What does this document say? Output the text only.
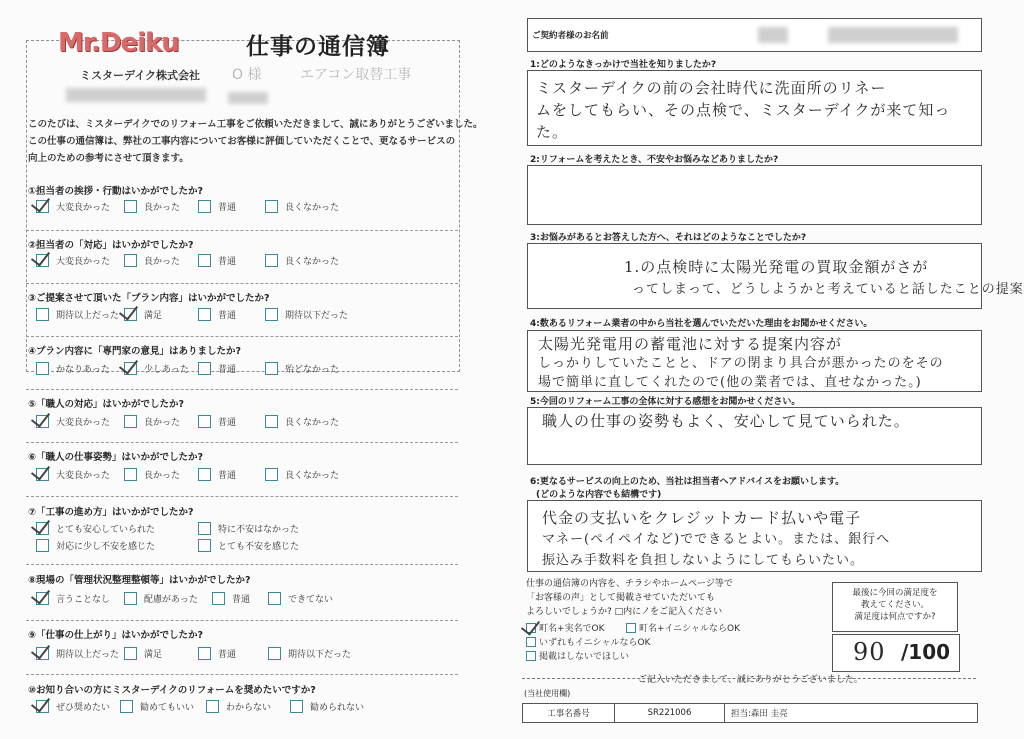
Mr.Deiku	仕事の通信簿
ミスターデイク株式会社 O 様	エアコン取替工事
このたびは、ミスターデイクでのリフォーム工事をご依頼いただきまして、誠にありがとうございました。
この仕事の通信簿は、弊社の工事内容についてお客様に評価していただくことで、更なるサービスの
向上のための参考にさせて頂きます。
①担当者の挨拶・行動はいかがでしたか?
大変良かった	良かった	普通	良くなかった
②担当者の「対応」はいかがでしたか?
大変良かった	良かった	普通	良くなかった
③ご提案させて頂いた「プラン内容」はいかがでしたか?
期待以上だった	満足	普通	期待以下だった
④プラン内容に「専門家の意見」はありましたか?
かなりあった	少しあった	普通	殆どなかった
⑤「職人の対応」はいかがでしたか?
大変良かった	良かった	普通	良くなかった
⑥「職人の仕事姿勢」はいかがでしたか?
大変良かった	良かった	普通	良くなかった
⑦「工事の進め方」はいかがでしたか?
とても安心していられた	特に不安はなかった
対応に少し不安を感じた	とても不安を感じた
⑧現場の「管理状況整理整頓等」はいかがでしたか?
言うことなし	配慮があった	普通	できてない
⑨「仕事の仕上がり」はいかがでしたか?
期待以上だった	満足	普通	期待以下だった
⑩お知り合いの方にミスターデイクのリフォームを奨めたいですか?
ぜひ奨めたい	勧めてもいい	わからない	勧められない
ご契約者様のお名前
1:どのようなきっかけで当社を知りましたか?
ミスターデイクの前の会社時代に洗面所のリネー
ムをしてもらい、その点検で、ミスターデイクが来て知っ
た。
2:リフォームを考えたとき、不安やお悩みなどありましたか?
3:お悩みがあるとお答えした方へ、それはどのようなことでしたか?
1.の点検時に太陽光発電の買取金額がさが
ってしまって、どうしようかと考えていると話したことの提案
4:数あるリフォーム業者の中から当社を選んでいただいた理由をお聞かせください。
太陽光発電用の蓄電池に対する提案内容が
しっかりしていたことと、ドアの閉まり具合が悪かったのをその
場で簡単に直してくれたので(他の業者では、直せなかった。)
5:今回のリフォーム工事の全体に対する感想をお聞かせください。
職人の仕事の姿勢もよく、安心して見ていられた。
6:更なるサービスの向上のため、当社は担当者へアドバイスをお願いします。
(どのような内容でも結構です)
代金の支払いをクレジットカード払いや電子
マネー(ペイペイなど)でできるとよい。または、銀行へ
振込み手数料を負担しないようにしてもらいたい。
仕事の通信簿の内容を、チラシやホームページ等で
「お客様の声」として掲載させていただいても
よろしいでしょうか? □内にノをご記入ください
町名+実名でOK	町名+イニシャルならOK
いずれもイニシャルならOK
掲載はしないでほしい
最後に今回の満足度を
教えてください。
満足度は何点ですか?
90 /100
ご記入いただきまして、誠にありがとうございました。
(当社使用欄)
工事名番号	SR221006	担当:森田 圭亮
